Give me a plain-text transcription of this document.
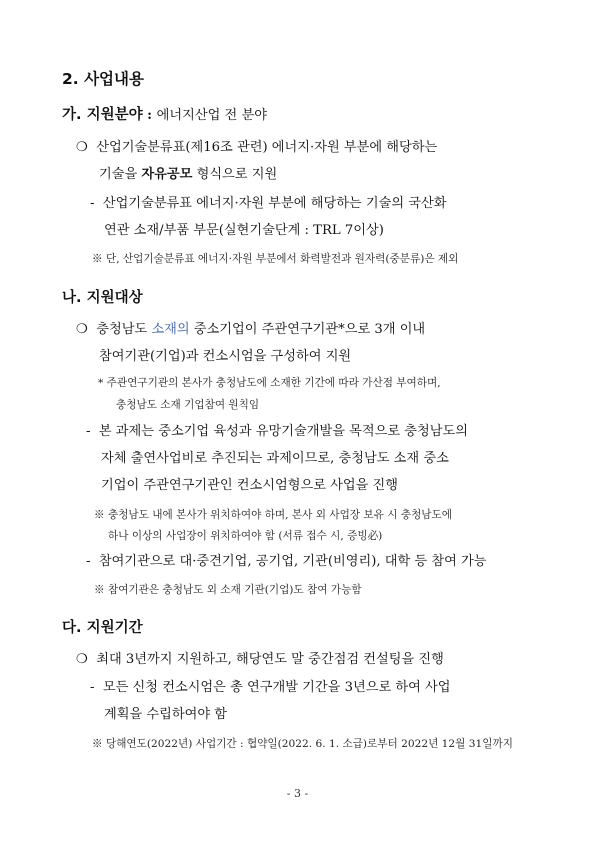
2. 사업내용
가. 지원분야 : 에너지산업 전 분야
❍ 산업기술분류표(제16조 관련) 에너지·자원 부분에 해당하는
기술을 자유공모 형식으로 지원
- 산업기술분류표 에너지·자원 부분에 해당하는 기술의 국산화
연관 소재/부품 부문(실현기술단계 : TRL 7이상)
※ 단, 산업기술분류표 에너지·자원 부분에서 화력발전과 원자력(중분류)은 제외
나. 지원대상
❍ 충청남도 소재의 중소기업이 주관연구기관*으로 3개 이내
참여기관(기업)과 컨소시엄을 구성하여 지원
* 주관연구기관의 본사가 충청남도에 소재한 기간에 따라 가산점 부여하며,
충청남도 소재 기업참여 원칙임
- 본 과제는 중소기업 육성과 유망기술개발을 목적으로 충청남도의
자체 출연사업비로 추진되는 과제이므로, 충청남도 소재 중소
기업이 주관연구기관인 컨소시엄형으로 사업을 진행
※ 충청남도 내에 본사가 위치하여야 하며, 본사 외 사업장 보유 시 충청남도에
하나 이상의 사업장이 위치하여야 함 (서류 접수 시, 증빙必)
- 참여기관으로 대·중견기업, 공기업, 기관(비영리), 대학 등 참여 가능
※ 참여기관은 충청남도 외 소재 기관(기업)도 참여 가능함
다. 지원기간
❍ 최대 3년까지 지원하고, 해당연도 말 중간점검 컨설팅을 진행
- 모든 신청 컨소시엄은 총 연구개발 기간을 3년으로 하여 사업
계획을 수립하여야 함
※ 당해연도(2022년) 사업기간 : 협약일(2022. 6. 1. 소급)로부터 2022년 12월 31일까지
- 3 -
